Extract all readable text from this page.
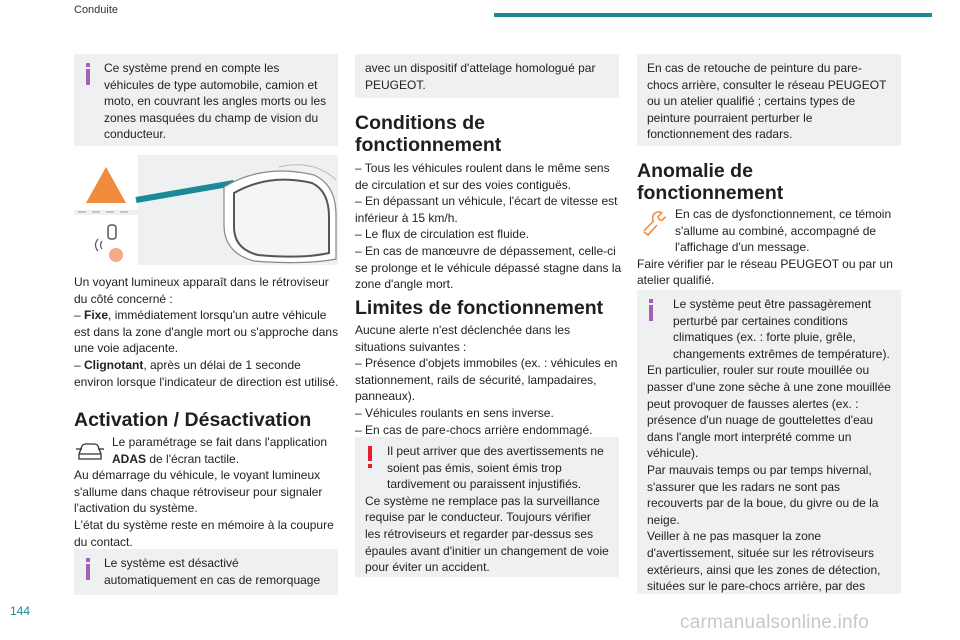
Conduite
144
carmanualsonline.info

Ce système prend en compte les véhicules de type automobile, camion et moto, en couvrant les angles morts ou les zones masquées du champ de vision du conducteur.

Un voyant lumineux apparaît dans le rétroviseur du côté concerné :

– Fixe, immédiatement lorsqu'un autre véhicule est dans la zone d'angle mort ou s'approche dans une voie adjacente.

– Clignotant, après un délai de 1 seconde environ lorsque l'indicateur de direction est utilisé.

Activation / Désactivation

Le paramétrage se fait dans l'application

ADAS de l'écran tactile.

Au démarrage du véhicule, le voyant lumineux s'allume dans chaque rétroviseur pour signaler l'activation du système.

L'état du système reste en mémoire à la coupure du contact.

Le système est désactivé automatiquement en cas de remorquage

avec un dispositif d'attelage homologué par PEUGEOT.

Conditions de fonctionnement

– Tous les véhicules roulent dans le même sens de circulation et sur des voies contiguës.

– En dépassant un véhicule, l'écart de vitesse est inférieur à 15 km/h.

– Le flux de circulation est fluide.

– En cas de manœuvre de dépassement, celle-ci se prolonge et le véhicule dépassé stagne dans la zone d'angle mort.

Limites de fonctionnement

Aucune alerte n'est déclenchée dans les situations suivantes :

– Présence d'objets immobiles (ex. : véhicules en stationnement, rails de sécurité, lampadaires, panneaux).

– Véhicules roulants en sens inverse.

– En cas de pare-chocs arrière endommagé.

Il peut arriver que des avertissements ne soient pas émis, soient émis trop tardivement ou paraissent injustifiés.

Ce système ne remplace pas la surveillance requise par le conducteur. Toujours vérifier les rétroviseurs et regarder par-dessus ses épaules avant d'initier un changement de voie pour éviter un accident.

En cas de retouche de peinture du pare-chocs arrière, consulter le réseau PEUGEOT ou un atelier qualifié ; certains types de peinture pourraient perturber le fonctionnement des radars.

Anomalie de fonctionnement

En cas de dysfonctionnement, ce témoin s'allume au combiné, accompagné de l'affichage d'un message.

Faire vérifier par le réseau PEUGEOT ou par un atelier qualifié.

Le système peut être passagèrement perturbé par certaines conditions climatiques (ex. : forte pluie, grêle, changements extrêmes de température).

En particulier, rouler sur route mouillée ou passer d'une zone sèche à une zone mouillée peut provoquer de fausses alertes (ex. : présence d'un nuage de gouttelettes d'eau dans l'angle mort interprété comme un véhicule).

Par mauvais temps ou par temps hivernal, s'assurer que les radars ne sont pas recouverts par de la boue, du givre ou de la neige.

Veiller à ne pas masquer la zone d'avertissement, située sur les rétroviseurs extérieurs, ainsi que les zones de détection, situées sur le pare-chocs arrière, par des
